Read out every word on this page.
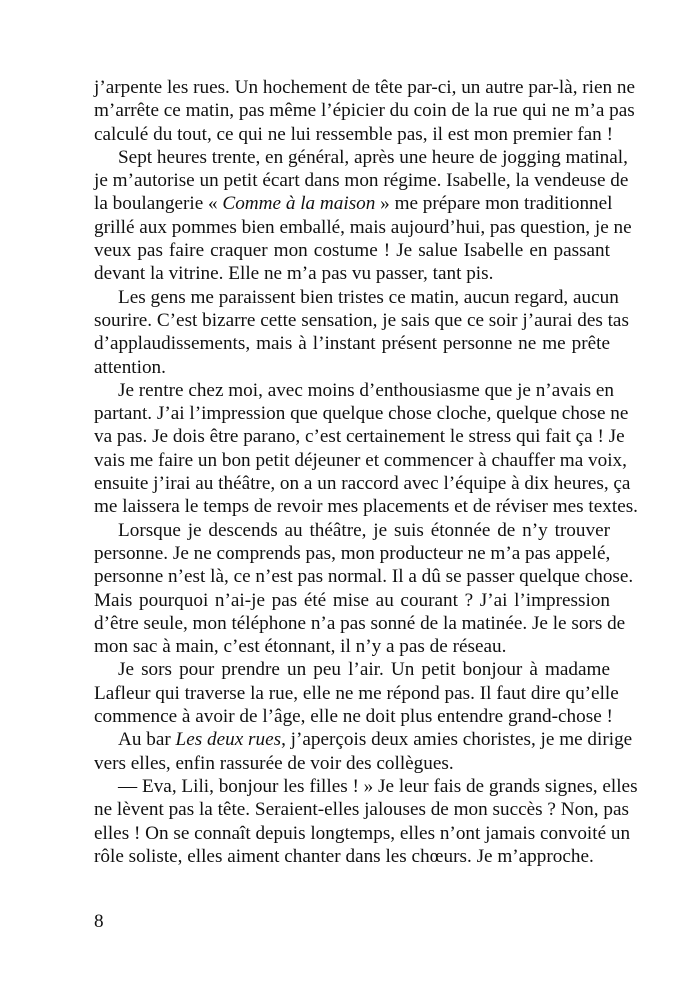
j’arpente les rues. Un hochement de tête par-ci, un autre par-là, rien ne
m’arrête ce matin, pas même l’épicier du coin de la rue qui ne m’a pas
calculé du tout, ce qui ne lui ressemble pas, il est mon premier fan !
Sept heures trente, en général, après une heure de jogging matinal,
je m’autorise un petit écart dans mon régime. Isabelle, la vendeuse de
la boulangerie « Comme à la maison » me prépare mon traditionnel
grillé aux pommes bien emballé, mais aujourd’hui, pas question, je ne
veux pas faire craquer mon costume ! Je salue Isabelle en passant
devant la vitrine. Elle ne m’a pas vu passer, tant pis.
Les gens me paraissent bien tristes ce matin, aucun regard, aucun
sourire. C’est bizarre cette sensation, je sais que ce soir j’aurai des tas
d’applaudissements, mais à l’instant présent personne ne me prête
attention.
Je rentre chez moi, avec moins d’enthousiasme que je n’avais en
partant. J’ai l’impression que quelque chose cloche, quelque chose ne
va pas. Je dois être parano, c’est certainement le stress qui fait ça ! Je
vais me faire un bon petit déjeuner et commencer à chauffer ma voix,
ensuite j’irai au théâtre, on a un raccord avec l’équipe à dix heures, ça
me laissera le temps de revoir mes placements et de réviser mes textes.
Lorsque je descends au théâtre, je suis étonnée de n’y trouver
personne. Je ne comprends pas, mon producteur ne m’a pas appelé,
personne n’est là, ce n’est pas normal. Il a dû se passer quelque chose.
Mais pourquoi n’ai-je pas été mise au courant ? J’ai l’impression
d’être seule, mon téléphone n’a pas sonné de la matinée. Je le sors de
mon sac à main, c’est étonnant, il n’y a pas de réseau.
Je sors pour prendre un peu l’air. Un petit bonjour à madame
Lafleur qui traverse la rue, elle ne me répond pas. Il faut dire qu’elle
commence à avoir de l’âge, elle ne doit plus entendre grand-chose !
Au bar Les deux rues, j’aperçois deux amies choristes, je me dirige
vers elles, enfin rassurée de voir des collègues.
— Eva, Lili, bonjour les filles ! » Je leur fais de grands signes, elles
ne lèvent pas la tête. Seraient-elles jalouses de mon succès ? Non, pas
elles ! On se connaît depuis longtemps, elles n’ont jamais convoité un
rôle soliste, elles aiment chanter dans les chœurs. Je m’approche.
8
